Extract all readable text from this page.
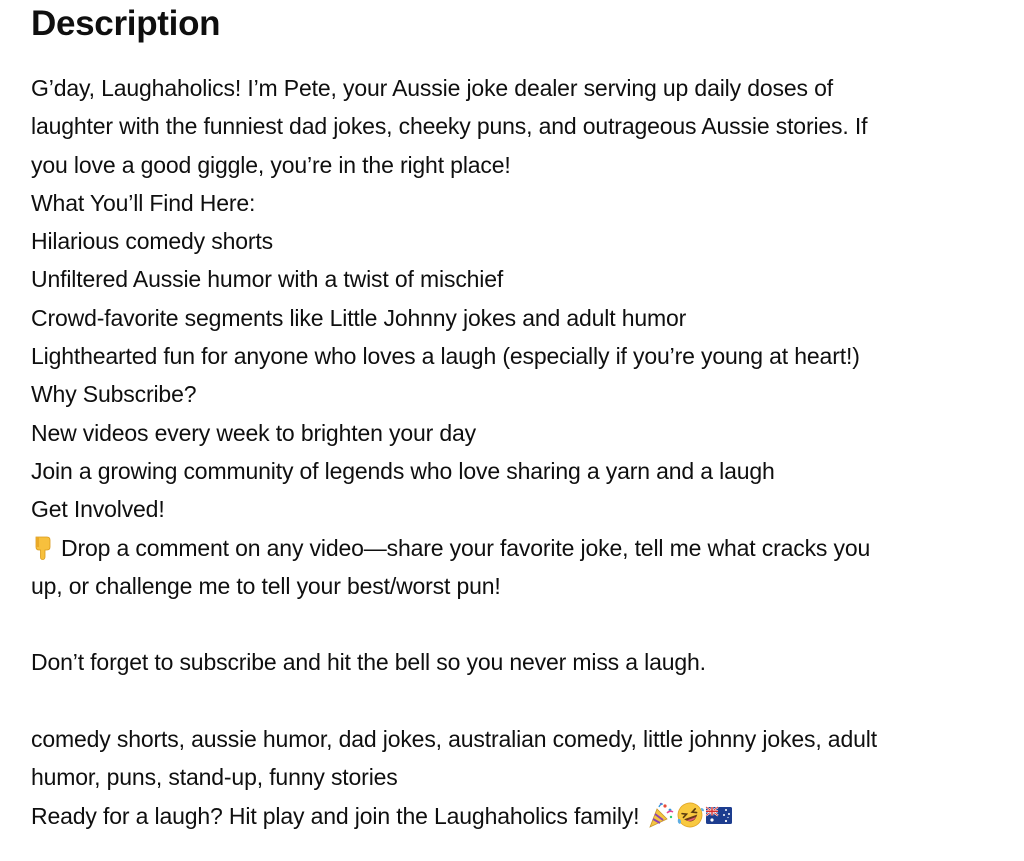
Description
G’day, Laughaholics! I’m Pete, your Aussie joke dealer serving up daily doses of
laughter with the funniest dad jokes, cheeky puns, and outrageous Aussie stories. If
you love a good giggle, you’re in the right place!
What You’ll Find Here:
Hilarious comedy shorts
Unfiltered Aussie humor with a twist of mischief
Crowd-favorite segments like Little Johnny jokes and adult humor
Lighthearted fun for anyone who loves a laugh (especially if you’re young at heart!)
Why Subscribe?
New videos every week to brighten your day
Join a growing community of legends who love sharing a yarn and a laugh
Get Involved!
Drop a comment on any video—share your favorite joke, tell me what cracks you
up, or challenge me to tell your best/worst pun!
Don’t forget to subscribe and hit the bell so you never miss a laugh.
comedy shorts, aussie humor, dad jokes, australian comedy, little johnny jokes, adult
humor, puns, stand-up, funny stories
Ready for a laugh? Hit play and join the Laughaholics family!
